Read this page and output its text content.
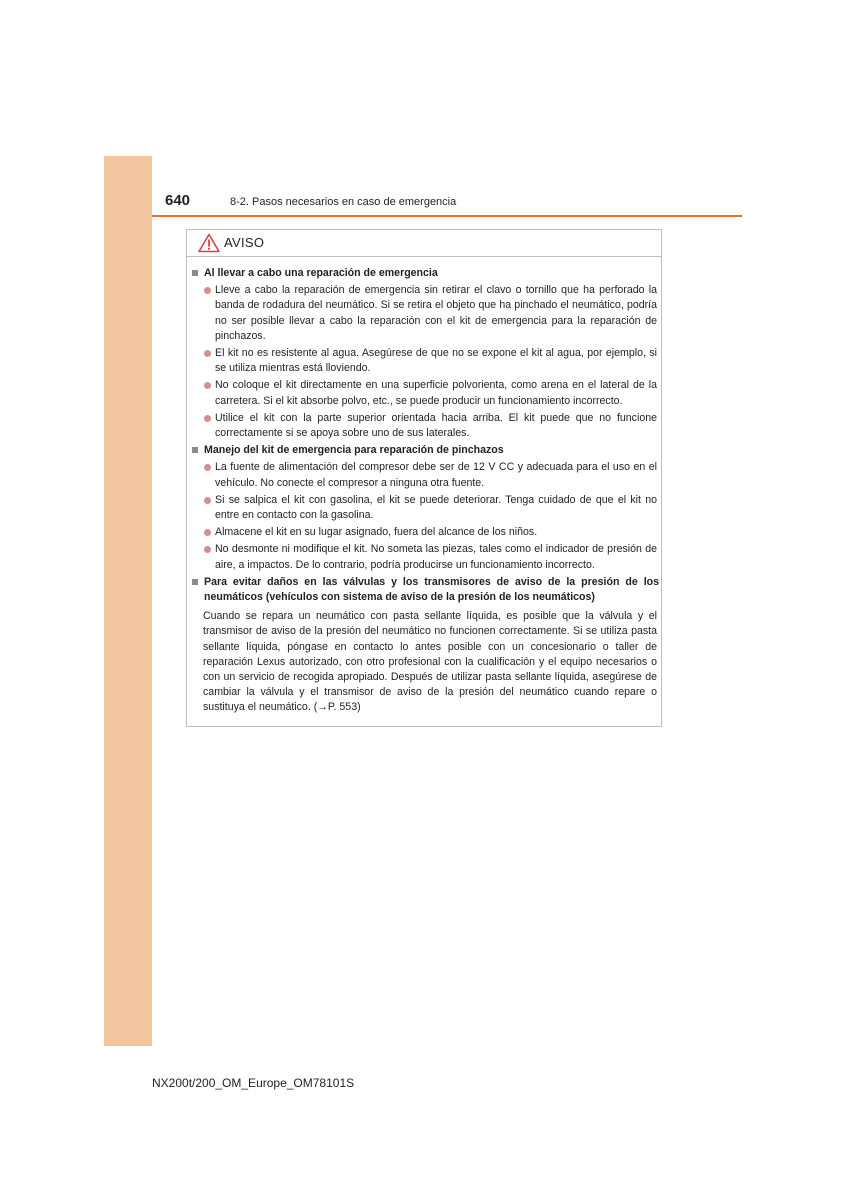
640	8-2. Pasos necesarios en caso de emergencia
AVISO
Al llevar a cabo una reparación de emergencia
Lleve a cabo la reparación de emergencia sin retirar el clavo o tornillo que ha perforado la banda de rodadura del neumático. Si se retira el objeto que ha pinchado el neumático, podría no ser posible llevar a cabo la reparación con el kit de emergencia para la reparación de pinchazos.
El kit no es resistente al agua. Asegúrese de que no se expone el kit al agua, por ejemplo, si se utiliza mientras está lloviendo.
No coloque el kit directamente en una superficie polvorienta, como arena en el lateral de la carretera. Si el kit absorbe polvo, etc., se puede producir un funcionamiento incorrecto.
Utilice el kit con la parte superior orientada hacia arriba. El kit puede que no funcione correctamente si se apoya sobre uno de sus laterales.
Manejo del kit de emergencia para reparación de pinchazos
La fuente de alimentación del compresor debe ser de 12 V CC y adecuada para el uso en el vehículo. No conecte el compresor a ninguna otra fuente.
Si se salpica el kit con gasolina, el kit se puede deteriorar. Tenga cuidado de que el kit no entre en contacto con la gasolina.
Almacene el kit en su lugar asignado, fuera del alcance de los niños.
No desmonte ni modifique el kit. No someta las piezas, tales como el indicador de presión de aire, a impactos. De lo contrario, podría producirse un funcionamiento incorrecto.
Para evitar daños en las válvulas y los transmisores de aviso de la presión de los neumáticos (vehículos con sistema de aviso de la presión de los neumáticos)
Cuando se repara un neumático con pasta sellante líquida, es posible que la válvula y el transmisor de aviso de la presión del neumático no funcionen correctamente. Si se utiliza pasta sellante líquida, póngase en contacto lo antes posible con un concesionario o taller de reparación Lexus autorizado, con otro profesional con la cualificación y el equipo necesarios o con un servicio de recogida apropiado. Después de utilizar pasta sellante líquida, asegúrese de cambiar la válvula y el transmisor de aviso de la presión del neumático cuando repare o sustituya el neumático. (→P. 553)
NX200t/200_OM_Europe_OM78101S
